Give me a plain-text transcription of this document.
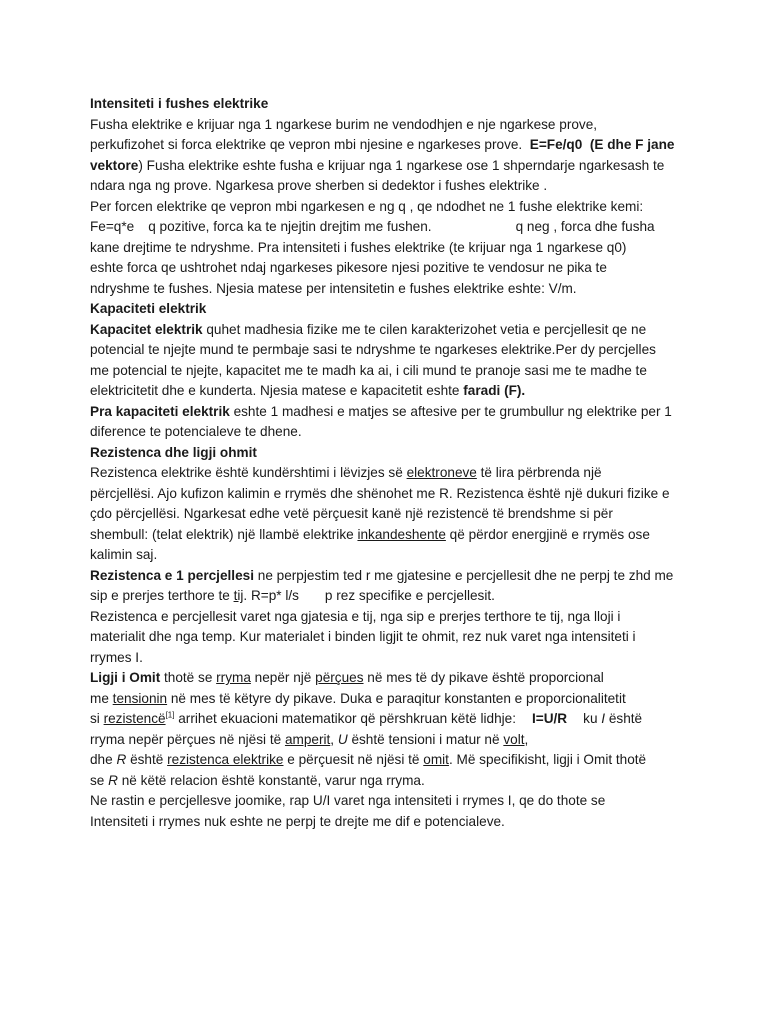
Intensiteti i fushes elektrike
Fusha elektrike e krijuar nga 1 ngarkese burim ne vendodhjen e nje ngarkese prove,
perkufizohet si forca elektrike qe vepron mbi njesine e ngarkeses prove. E=Fe/q0 (E dhe F jane
vektore) Fusha elektrike eshte fusha e krijuar nga 1 ngarkese ose 1 shperndarje ngarkesash te
ndara nga ng prove. Ngarkesa prove sherben si dedektor i fushes elektrike .
Per forcen elektrike qe vepron mbi ngarkesen e ng q , qe ndodhet ne 1 fushe elektrike kemi:
Fe=q*e q pozitive, forca ka te njejtin drejtim me fushen.	q neg , forca dhe fusha
kane drejtime te ndryshme. Pra intensiteti i fushes elektrike (te krijuar nga 1 ngarkese q0)
eshte forca qe ushtrohet ndaj ngarkeses pikesore njesi pozitive te vendosur ne pika te
ndryshme te fushes. Njesia matese per intensitetin e fushes elektrike eshte: V/m.
Kapaciteti elektrik
Kapacitet elektrik quhet madhesia fizike me te cilen karakterizohet vetia e percjellesit qe ne
potencial te njejte mund te permbaje sasi te ndryshme te ngarkeses elektrike.Per dy percjelles
me potencial te njejte, kapacitet me te madh ka ai, i cili mund te pranoje sasi me te madhe te
elektricitetit dhe e kunderta. Njesia matese e kapacitetit eshte faradi (F).
Pra kapaciteti elektrik eshte 1 madhesi e matjes se aftesive per te grumbullur ng elektrike per 1
diference te potencialeve te dhene.
Rezistenca dhe ligji ohmit
Rezistenca elektrike është kundërshtimi i lëvizjes së elektroneve të lira përbrenda një
përcjellësi. Ajo kufizon kalimin e rrymës dhe shënohet me R. Rezistenca është një dukuri fizike e
çdo përcjellësi. Ngarkesat edhe vetë përçuesit kanë një rezistencë të brendshme si për
shembull: (telat elektrik) një llambë elektrike inkandeshente që përdor energjinë e rrymës ose
kalimin saj.
Rezistenca e 1 percjellesi ne perpjestim ted r me gjatesine e percjellesit dhe ne perpj te zhd me
sip e prerjes terthore te tij. R=p* l/s p rez specifike e percjellesit.
Rezistenca e percjellesit varet nga gjatesia e tij, nga sip e prerjes terthore te tij, nga lloji i
materialit dhe nga temp. Kur materialet i binden ligjit te ohmit, rez nuk varet nga intensiteti i
rrymes I.
Ligji i Omit thotë se rryma nepër një përçues në mes të dy pikave është proporcional
me tensionin në mes të këtyre dy pikave. Duka e paraqitur konstanten e proporcionalitetit
si rezistencë[1] arrihet ekuacioni matematikor që përshkruan këtë lidhje: I=U/R ku I është
rryma nepër përçues në njësi të amperit, U është tensioni i matur në volt,
dhe R është rezistenca elektrike e përçuesit në njësi të omit. Më specifikisht, ligji i Omit thotë
se R në këtë relacion është konstantë, varur nga rryma.
Ne rastin e percjellesve joomike, rap U/I varet nga intensiteti i rrymes I, qe do thote se
Intensiteti i rrymes nuk eshte ne perpj te drejte me dif e potencialeve.
